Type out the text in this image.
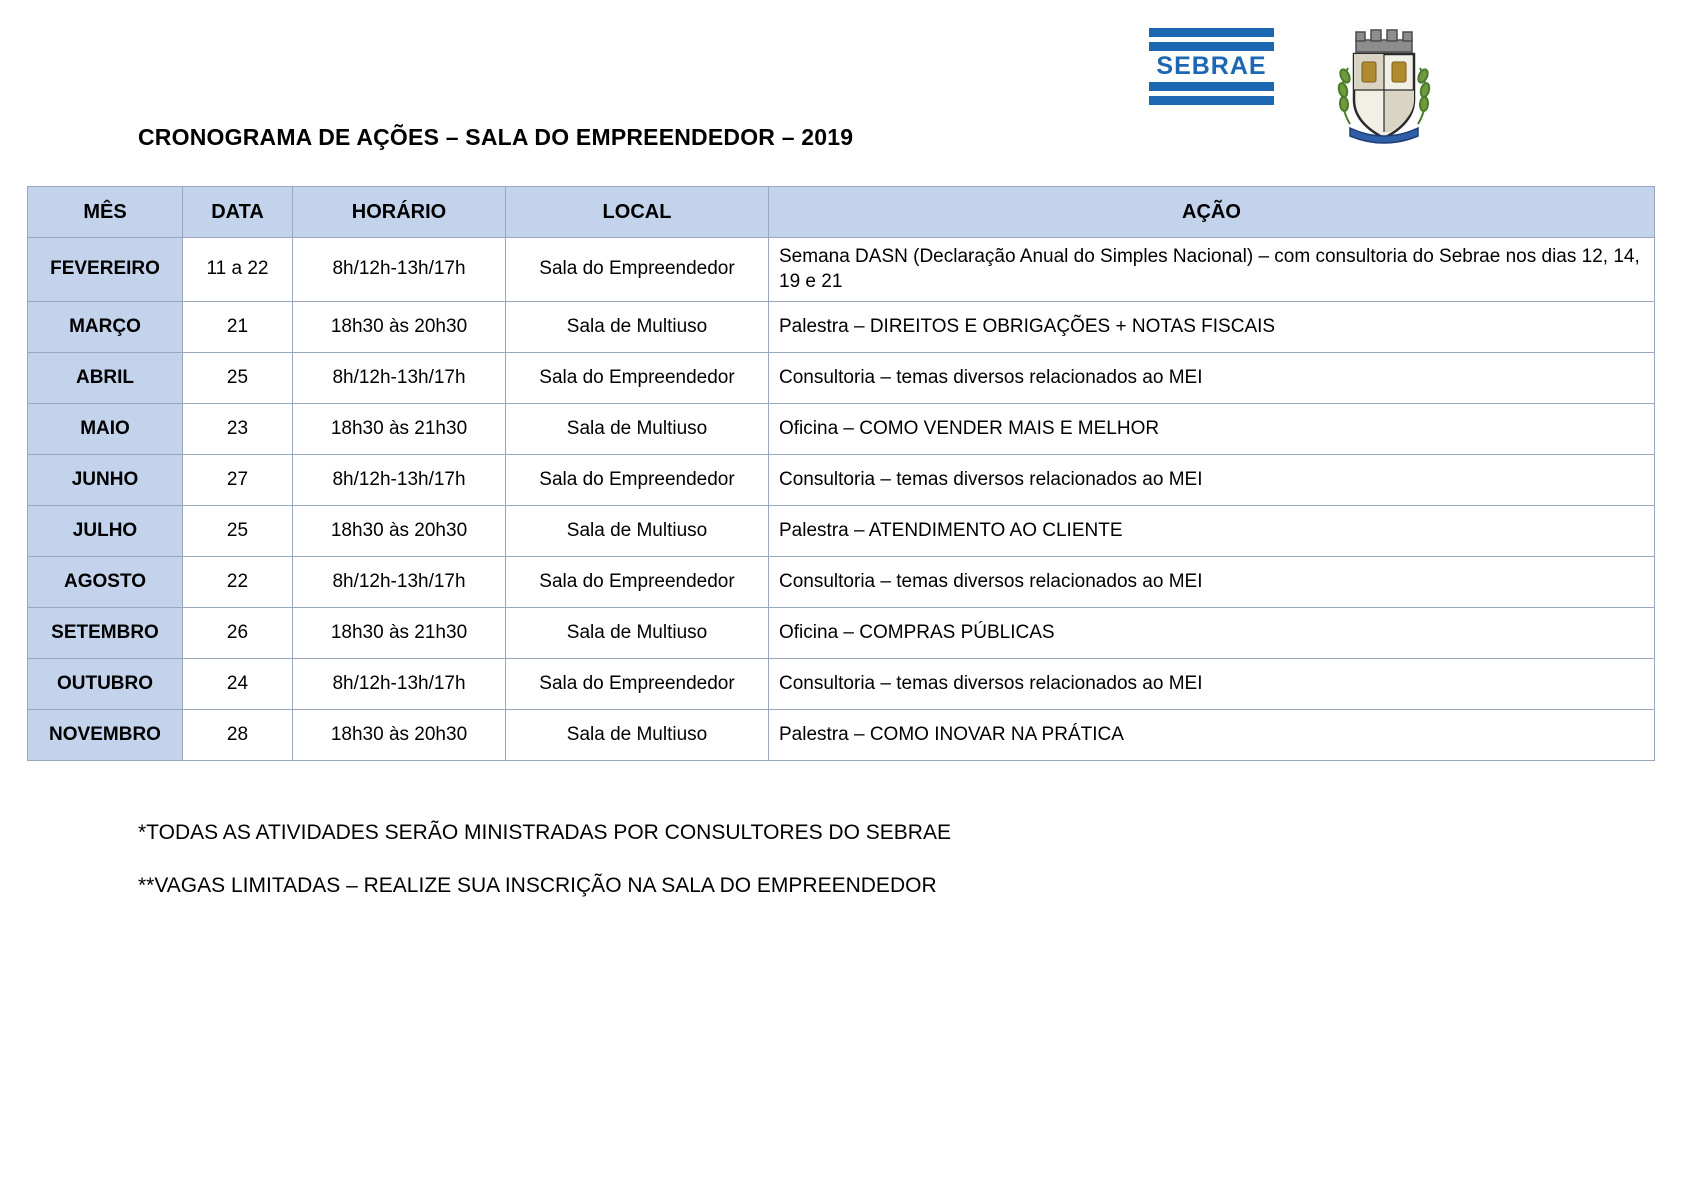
SEBRAE
CRONOGRAMA DE AÇÕES – SALA DO EMPREENDEDOR – 2019
MÊS	DATA	HORÁRIO	LOCAL	AÇÃO
FEVEREIRO	11 a 22	8h/12h-13h/17h	Sala do Empreendedor	Semana DASN (Declaração Anual do Simples Nacional) – com consultoria do Sebrae nos dias 12, 14, 19 e 21
MARÇO	21	18h30 às 20h30	Sala de Multiuso	Palestra – DIREITOS E OBRIGAÇÕES + NOTAS FISCAIS
ABRIL	25	8h/12h-13h/17h	Sala do Empreendedor	Consultoria – temas diversos relacionados ao MEI
MAIO	23	18h30 às 21h30	Sala de Multiuso	Oficina – COMO VENDER MAIS E MELHOR
JUNHO	27	8h/12h-13h/17h	Sala do Empreendedor	Consultoria – temas diversos relacionados ao MEI
JULHO	25	18h30 às 20h30	Sala de Multiuso	Palestra – ATENDIMENTO AO CLIENTE
AGOSTO	22	8h/12h-13h/17h	Sala do Empreendedor	Consultoria – temas diversos relacionados ao MEI
SETEMBRO	26	18h30 às 21h30	Sala de Multiuso	Oficina – COMPRAS PÚBLICAS
OUTUBRO	24	8h/12h-13h/17h	Sala do Empreendedor	Consultoria – temas diversos relacionados ao MEI
NOVEMBRO	28	18h30 às 20h30	Sala de Multiuso	Palestra – COMO INOVAR NA PRÁTICA
*TODAS AS ATIVIDADES SERÃO MINISTRADAS POR CONSULTORES DO SEBRAE
**VAGAS LIMITADAS – REALIZE SUA INSCRIÇÃO NA SALA DO EMPREENDEDOR
